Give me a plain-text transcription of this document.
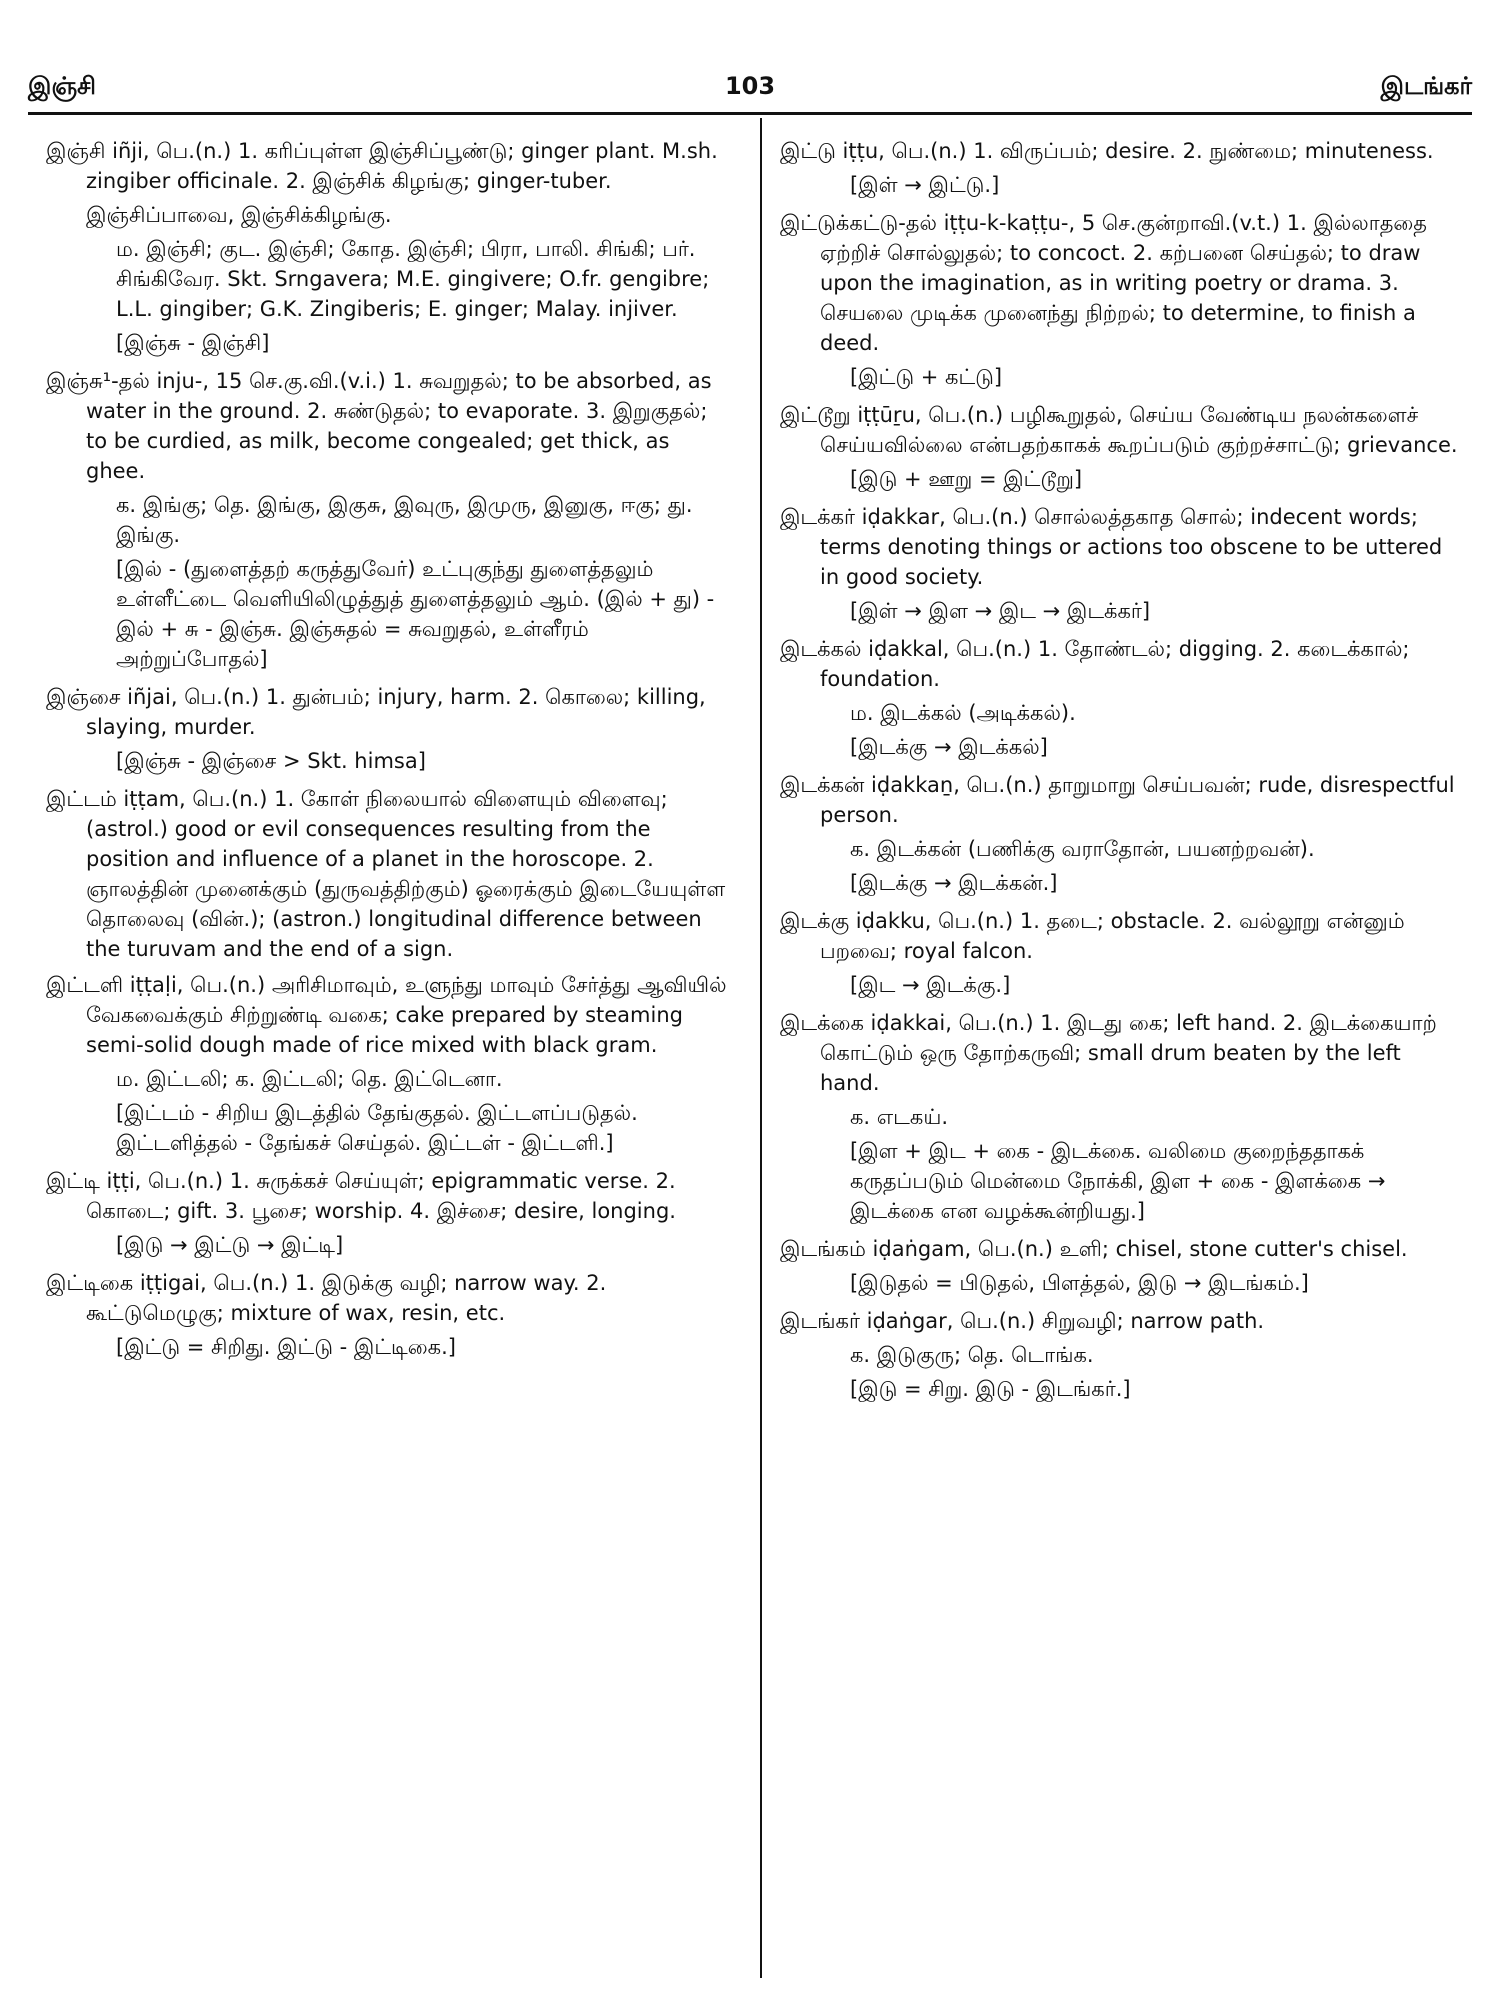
இஞ்சி	103	இடங்கர்

இஞ்சி iñji, பெ.(n.) 1. கரிப்புள்ள இஞ்சிப்பூண்டு; ginger plant. M.sh. zingiber officinale. 2. இஞ்சிக் கிழங்கு; ginger-tuber.

இஞ்சிப்பாவை, இஞ்சிக்கிழங்கு.

ம. இஞ்சி; குட. இஞ்சி; கோத. இஞ்சி; பிரா, பாலி. சிங்கி; பர். சிங்கிவேர. Skt. Srngavera; M.E. gingivere; O.fr. gengibre; L.L. gingiber; G.K. Zingiberis; E. ginger; Malay. injiver.

[இஞ்சு - இஞ்சி]

இஞ்சு¹-தல் inju-, 15 செ.கு.வி.(v.i.) 1. சுவறுதல்; to be absorbed, as water in the ground. 2. சுண்டுதல்; to evaporate. 3. இறுகுதல்; to be curdied, as milk, become congealed; get thick, as ghee.

க. இங்கு; தெ. இங்கு, இகுசு, இவுரு, இமுரு, இனுகு, ஈகு; து. இங்கு.

[இல் - (துளைத்தற் கருத்துவேர்) உட்புகுந்து துளைத்தலும் உள்ளீட்டை வெளியிலிழுத்துத் துளைத்தலும் ஆம். (இல் + து) - இல் + சு - இஞ்சு. இஞ்சுதல் = சுவறுதல், உள்ளீரம் அற்றுப்போதல்]

இஞ்சை iñjai, பெ.(n.) 1. துன்பம்; injury, harm. 2. கொலை; killing, slaying, murder.

[இஞ்சு - இஞ்சை > Skt. himsa]

இட்டம் iṭṭam, பெ.(n.) 1. கோள் நிலையால் விளையும் விளைவு; (astrol.) good or evil consequences resulting from the position and influence of a planet in the horoscope. 2. ஞாலத்தின் முனைக்கும் (துருவத்திற்கும்) ஓரைக்கும் இடையேயுள்ள தொலைவு (வின்.); (astron.) longitudinal difference between the turuvam and the end of a sign.

இட்டளி iṭṭaḷi, பெ.(n.) அரிசிமாவும், உளுந்து மாவும் சேர்த்து ஆவியில் வேகவைக்கும் சிற்றுண்டி வகை; cake prepared by steaming semi-solid dough made of rice mixed with black gram.

ம. இட்டலி; க. இட்டலி; தெ. இட்டெனா.

[இட்டம் - சிறிய இடத்தில் தேங்குதல். இட்டளப்படுதல். இட்டளித்தல் - தேங்கச் செய்தல். இட்டள் - இட்டளி.]

இட்டி iṭṭi, பெ.(n.) 1. சுருக்கச் செய்யுள்; epigrammatic verse. 2. கொடை; gift. 3. பூசை; worship. 4. இச்சை; desire, longing.

[இடு → இட்டு → இட்டி]

இட்டிகை iṭṭigai, பெ.(n.) 1. இடுக்கு வழி; narrow way. 2. கூட்டுமெழுகு; mixture of wax, resin, etc.

[இட்டு = சிறிது. இட்டு - இட்டிகை.]

இட்டு iṭṭu, பெ.(n.) 1. விருப்பம்; desire. 2. நுண்மை; minuteness.

[இள் → இட்டு.]

இட்டுக்கட்டு-தல் iṭṭu-k-kaṭṭu-, 5 செ.குன்றாவி.(v.t.) 1. இல்லாததை ஏற்றிச் சொல்லுதல்; to concoct. 2. கற்பனை செய்தல்; to draw upon the imagination, as in writing poetry or drama. 3. செயலை முடிக்க முனைந்து நிற்றல்; to determine, to finish a deed.

[இட்டு + கட்டு]

இட்டூறு iṭṭūṟu, பெ.(n.) பழிகூறுதல், செய்ய வேண்டிய நலன்களைச் செய்யவில்லை என்பதற்காகக் கூறப்படும் குற்றச்சாட்டு; grievance.

[இடு + ஊறு = இட்டூறு]

இடக்கர் iḍakkar, பெ.(n.) சொல்லத்தகாத சொல்; indecent words; terms denoting things or actions too obscene to be uttered in good society.

[இள் → இள → இட → இடக்கர்]

இடக்கல் iḍakkal, பெ.(n.) 1. தோண்டல்; digging. 2. கடைக்கால்; foundation.

ம. இடக்கல் (அடிக்கல்).

[இடக்கு → இடக்கல்]

இடக்கன் iḍakkaṉ, பெ.(n.) தாறுமாறு செய்பவன்; rude, disrespectful person.

க. இடக்கன் (பணிக்கு வராதோன், பயனற்றவன்).

[இடக்கு → இடக்கன்.]

இடக்கு iḍakku, பெ.(n.) 1. தடை; obstacle. 2. வல்லூறு என்னும் பறவை; royal falcon.

[இட → இடக்கு.]

இடக்கை iḍakkai, பெ.(n.) 1. இடது கை; left hand. 2. இடக்கையாற் கொட்டும் ஒரு தோற்கருவி; small drum beaten by the left hand.

க. எடகய்.

[இள + இட + கை - இடக்கை. வலிமை குறைந்ததாகக் கருதப்படும் மென்மை நோக்கி, இள + கை - இளக்கை → இடக்கை என வழக்கூன்றியது.]

இடங்கம் iḍaṅgam, பெ.(n.) உளி; chisel, stone cutter's chisel.

[இடுதல் = பிடுதல், பிளத்தல், இடு → இடங்கம்.]

இடங்கர் iḍaṅgar, பெ.(n.) சிறுவழி; narrow path.

க. இடுகுரு; தெ. டொங்க.

[இடு = சிறு. இடு - இடங்கர்.]
